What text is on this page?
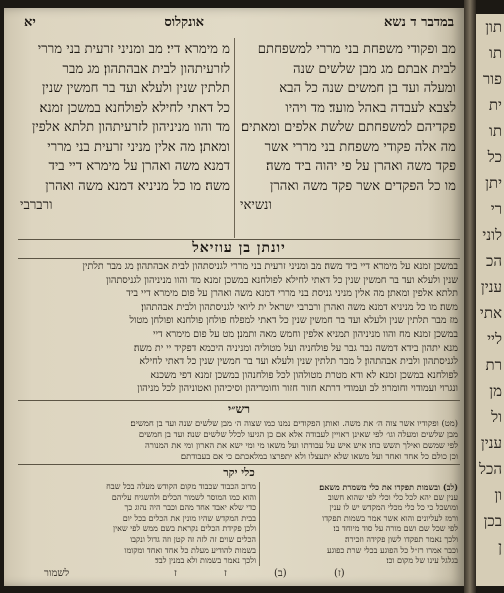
במדבר ד נשא
אונקלוס
יא
מב ופקודי משפחת בני מררי למשפחתם
לבית אבתם׃ מג מבן שלשים שנה
ומעלה ועד בן חמשים שנה כל הבא
לצבא לעבדה באהל מועד׃ מד ויהיו
פקדיהם למשפחתם שלשת אלפים ומאתים׃
מה אלה פקודי משפחת בני מררי אשר
פקד משה ואהרן על פי יהוה ביד משה׃
מו כל הפקדים אשר פקד משה ואהרן
ונשיאי
מ מימרא דיי׃ מב ומניני זרעית בני מררי
לזרעיתהון לבית אבהתהון׃ מג מבר
תלתין שנין ולעלא ועד בר חמשין שנין
כל דאתי לחילא לפולחנא במשכן זמנא׃
מד והוו מניניהון לזרעיתהון תלתא אלפין
ומאתן׃ מה אלין מניני זרעית בני מררי
דמנא משה ואהרן על מימרא דיי ביד
משה׃ מו כל מניניא דמנא משה ואהרן
ורברבי
יונתן בן עוזיאל
במשכן זמנא על מימרא דיי ביד משה׃ מב ומניני זרעית בני מררי לגניסתהון לבית אבהתהון׃ מג מבר תלתין
שנין ולעלא ועד בר חמשין שנין כל דאתי לחילא לפולחנא במשכן זמנא׃ מד והוו מניניהון לגניסתהון
תלתא אלפין ומאתן׃ מה אלין מניני גניסת בני מררי דמנא משה ואהרן על פום מימרא דיי ביד
משה׃ מו כל מניניא דמנא משה ואהרן ורברבי ישראל ית ליואי לגניסתהון ולבית אבהתהון׃
מז מבר תלתין שנין ולעלא ועד בר חמשין שנין כל דאתי למפלח פולחן פולחנא ופולחן מטול
במשכן זמנא׃ מח והוו מניניהון תמניא אלפין וחמש מאה ותמנן׃ מט על פום מימרא דיי
מנא יתהון בידא דמשה גבר גבר על פולחניה ועל מטוליה ומניניה היכמא דפקיד יי ית משה׃
לגניסתהון ולבית אבהתהון׃ ל מבר תלתין שנין ולעלא ועד בר חמשין שנין כל דאתי לחילא
לפולחנא במשכן זמנא׃ לא ודא מטרת מטולהון לכל פולחנהון במשכן זמנא דפי משכנא
ונגרוי ועמודוי וחומרוי׃ לב ועמודי דרתא חזור חזור וחומריהון וסיכיהון ואטוניהון לכל מניהון
רש״י
(מט) ופקודיו אשר צוה ה׳ את משה. ואותן הפקודים נמנו כמו שצוה ה׳ מבן שלשים שנה ועד בן חמשים׃
מבן שלשים ומעלה וגו׳ לפי שאינן ראויין לעבודה אלא אם כן הגיעו לכלל שלשים שנה׃ ועד בן חמשים
לפי שמשם ואילך תשש כחו׃ איש איש על עבודתו ועל משאו מי ומי ישא את הארון ומי את המנורה
וכן כולם כל אחד ואחד ועל משאו שלא יתעצלו ולא יתפרצו במלאכתם כי אם בעבודתם׃
כלי יקר
(לב) ובשמות תפקדו את כלי משמרת משאם׃
ענין שם יהא לכל כלי וכלי לפי שהוא חשוב
ומושכל כי כל כלי מכלי המקדש יש לו ענין
ורמז לעליונים והוא אשר אמר בשמות תפקדו
לפי שכל שם ושם מורה על סוד מיוחד בו׃
ולכך נאמר תפקדו לשון פקידה וזכירה׃
וכבר אמרו רז״ל כל הפוגע בכלי שרת כפוגע
בגלגל עינו של מקום וכו׃
מרוב הכבוד שכבוד מקום הקודש מעלה בכל שבח
והוא כמו המוסר לשמור הכלים ולהשגיח עליהם
כדי שלא יאבד אחד מהם וכבר היה נהוג כך
בבית המקדש שהיו מונין את הכלים בכל יום
ולכן פקידת הכלים נקראת בשם ממש לפי שאין
הכלים שוים זה לזה זה קטן וזה גדול ונקבו
בשמות להודיע מעלת כל אחד ואחד ומקומו
ולכך נאמר בשמות ולא במנין לבד׃
לשמור	ז	ז	(ב)	(ז)
תון
תו
פור
ית
תו
כל
יתן
רי
לוני
הכ
ענין
אתי
ליי
רת
מן
ול
ענין
הכל
ון
בכן
ן
